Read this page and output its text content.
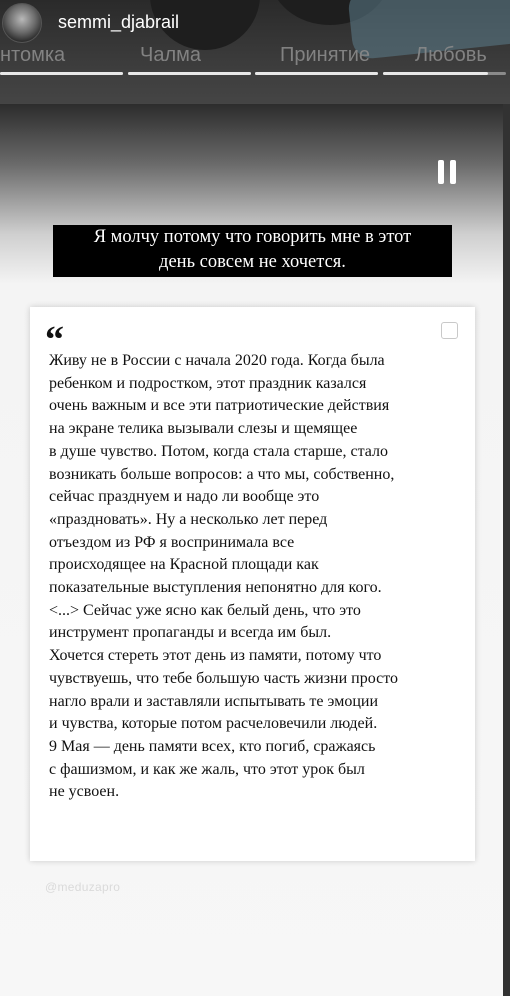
semmi_djabrail
нтомка	Чалма	Принятие Любовь
Я молчу потому что говорить мне в этот
день совсем не хочется.
“
Живу не в России с начала 2020 года. Когда была
ребенком и подростком, этот праздник казался
очень важным и все эти патриотические действия
на экране телика вызывали слезы и щемящее
в душе чувство. Потом, когда стала старше, стало
возникать больше вопросов: а что мы, собственно,
сейчас празднуем и надо ли вообще это
«праздновать». Ну а несколько лет перед
отъездом из РФ я воспринимала все
происходящее на Красной площади как
показательные выступления непонятно для кого.
<...> Сейчас уже ясно как белый день, что это
инструмент пропаганды и всегда им был.
Хочется стереть этот день из памяти, потому что
чувствуешь, что тебе большую часть жизни просто
нагло врали и заставляли испытывать те эмоции
и чувства, которые потом расчеловечили людей.
9 Мая — день памяти всех, кто погиб, сражаясь
с фашизмом, и как же жаль, что этот урок был
не усвоен.
@meduzapro
